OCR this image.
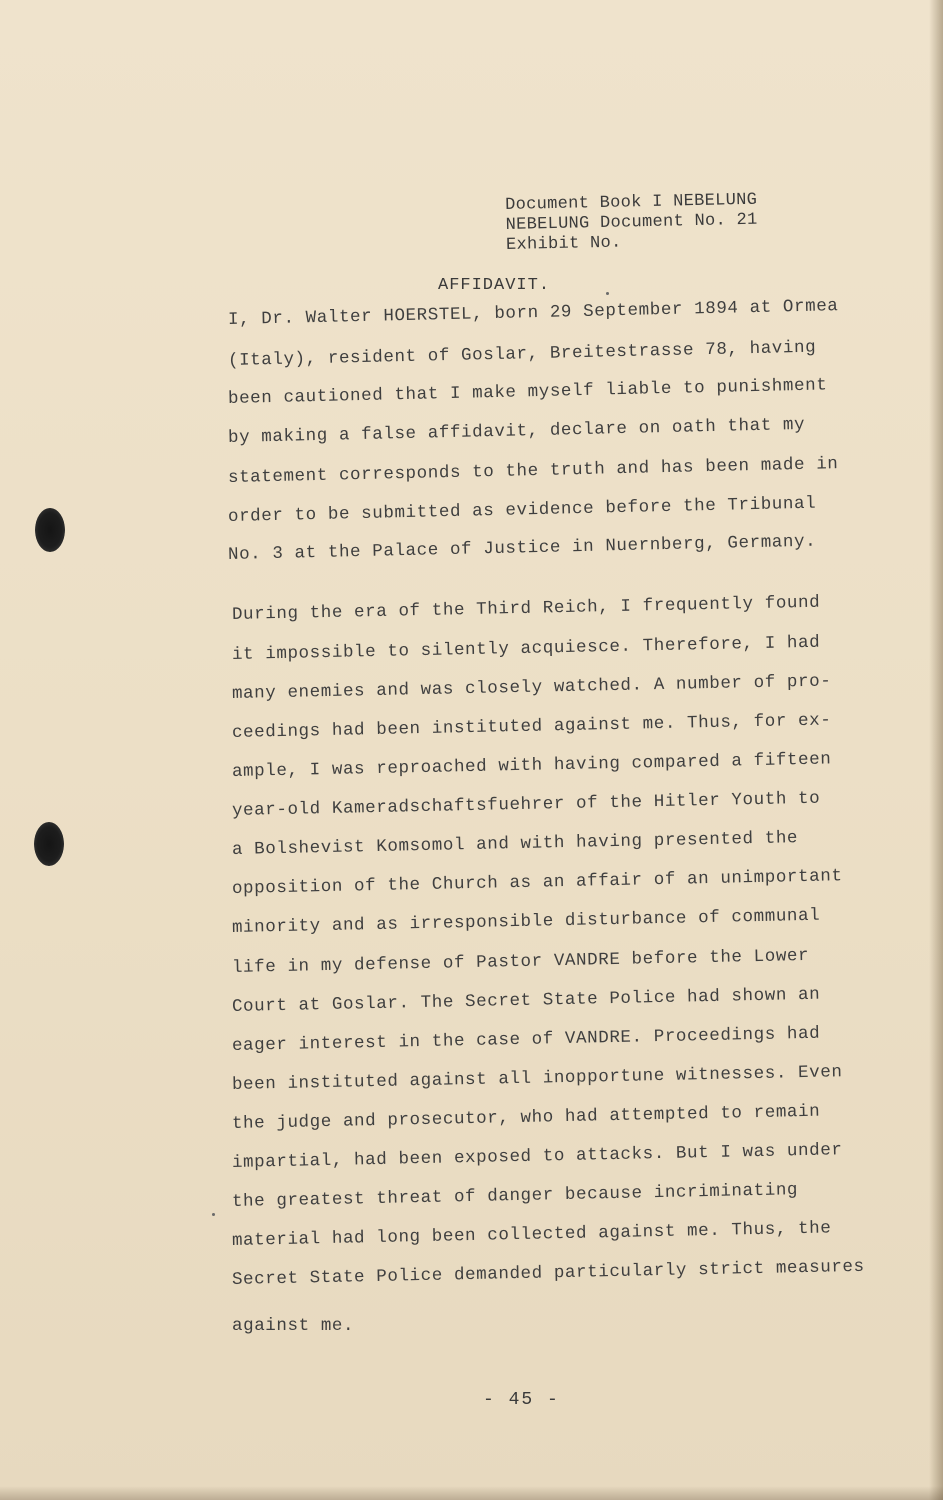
Document Book I NEBELUNG
NEBELUNG Document No. 21
Exhibit No.
AFFIDAVIT.
I, Dr. Walter HOERSTEL, born 29 September 1894 at Ormea
(Italy), resident of Goslar, Breitestrasse 78, having
been cautioned that I make myself liable to punishment
by making a false affidavit, declare on oath that my
statement corresponds to the truth and has been made in
order to be submitted as evidence before the Tribunal
No. 3 at the Palace of Justice in Nuernberg, Germany.
During the era of the Third Reich, I frequently found
it impossible to silently acquiesce. Therefore, I had
many enemies and was closely watched. A number of pro-
ceedings had been instituted against me. Thus, for ex-
ample, I was reproached with having compared a fifteen
year-old Kameradschaftsfuehrer of the Hitler Youth to
a Bolshevist Komsomol and with having presented the
opposition of the Church as an affair of an unimportant
minority and as irresponsible disturbance of communal
life in my defense of Pastor VANDRE before the Lower
Court at Goslar. The Secret State Police had shown an
eager interest in the case of VANDRE. Proceedings had
been instituted against all inopportune witnesses. Even
the judge and prosecutor, who had attempted to remain
impartial, had been exposed to attacks. But I was under
the greatest threat of danger because incriminating
material had long been collected against me. Thus, the
Secret State Police demanded particularly strict measures
against me.
- 45 -
